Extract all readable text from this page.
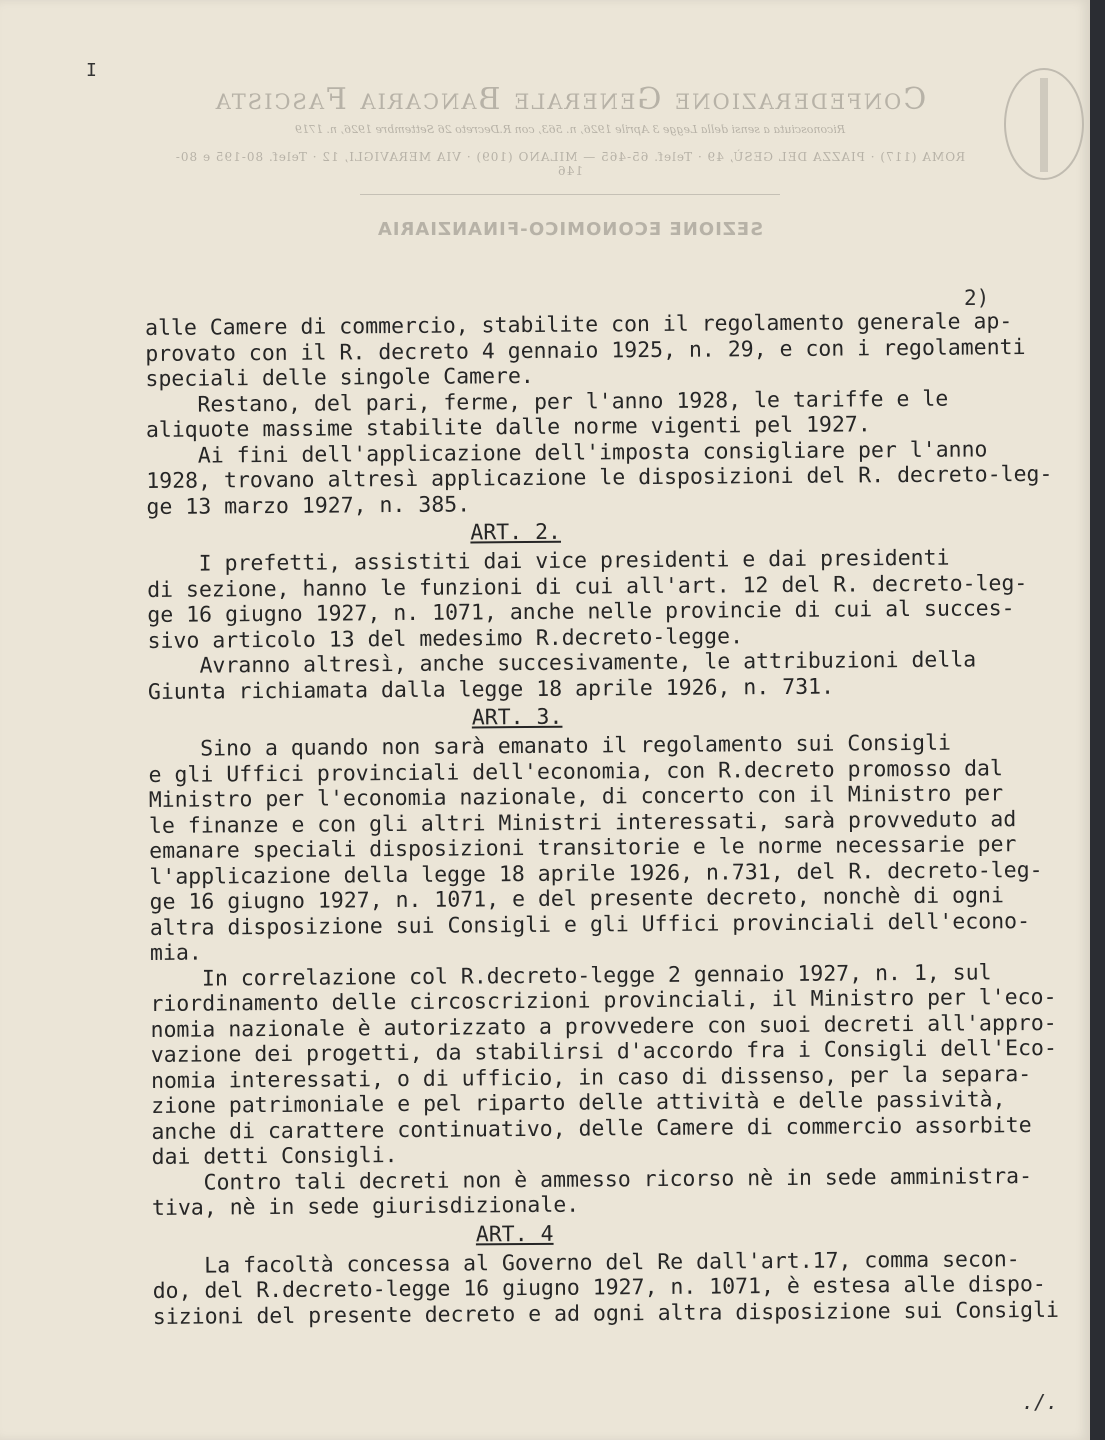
I
Confederazione Generale Bancaria Fascista
Riconosciuta a sensi della Legge 3 Aprile 1926, n. 563, con R.Decreto 26 Settembre 1926, n. 1719
ROMA (117) · PIAZZA DEL GESÙ, 49 · Telef. 65-465 — MILANO (109) · VIA MERAVIGLI, 12 · Telef. 80-195 e 80-146
SEZIONE ECONOMICO-FINANZIARIA
2)
alle Camere di commercio, stabilite con il regolamento generale ap-
provato con il R. decreto 4 gennaio 1925, n. 29, e con i regolamenti
speciali delle singole Camere.
Restano, del pari, ferme, per l'anno 1928, le tariffe e le
aliquote massime stabilite dalle norme vigenti pel 1927.
Ai fini dell'applicazione dell'imposta consigliare per l'anno
1928, trovano altresì applicazione le disposizioni del R. decreto-leg-
ge 13 marzo 1927, n. 385.
ART. 2.
I prefetti, assistiti dai vice presidenti e dai presidenti
di sezione, hanno le funzioni di cui all'art. 12 del R. decreto-leg-
ge 16 giugno 1927, n. 1071, anche nelle provincie di cui al succes-
sivo articolo 13 del medesimo R.decreto-legge.
Avranno altresì, anche succesivamente, le attribuzioni della
Giunta richiamata dalla legge 18 aprile 1926, n. 731.
ART. 3.
Sino a quando non sarà emanato il regolamento sui Consigli
e gli Uffici provinciali dell'economia, con R.decreto promosso dal
Ministro per l'economia nazionale, di concerto con il Ministro per
le finanze e con gli altri Ministri interessati, sarà provveduto ad
emanare speciali disposizioni transitorie e le norme necessarie per
l'applicazione della legge 18 aprile 1926, n.731, del R. decreto-leg-
ge 16 giugno 1927, n. 1071, e del presente decreto, nonchè di ogni
altra disposizione sui Consigli e gli Uffici provinciali dell'econo-
mia.
In correlazione col R.decreto-legge 2 gennaio 1927, n. 1, sul
riordinamento delle circoscrizioni provinciali, il Ministro per l'eco-
nomia nazionale è autorizzato a provvedere con suoi decreti all'appro-
vazione dei progetti, da stabilirsi d'accordo fra i Consigli dell'Eco-
nomia interessati, o di ufficio, in caso di dissenso, per la separa-
zione patrimoniale e pel riparto delle attività e delle passività,
anche di carattere continuativo, delle Camere di commercio assorbite
dai detti Consigli.
Contro tali decreti non è ammesso ricorso nè in sede amministra-
tiva, nè in sede giurisdizionale.
ART. 4
La facoltà concessa al Governo del Re dall'art.17, comma secon-
do, del R.decreto-legge 16 giugno 1927, n. 1071, è estesa alle dispo-
sizioni del presente decreto e ad ogni altra disposizione sui Consigli
./.
